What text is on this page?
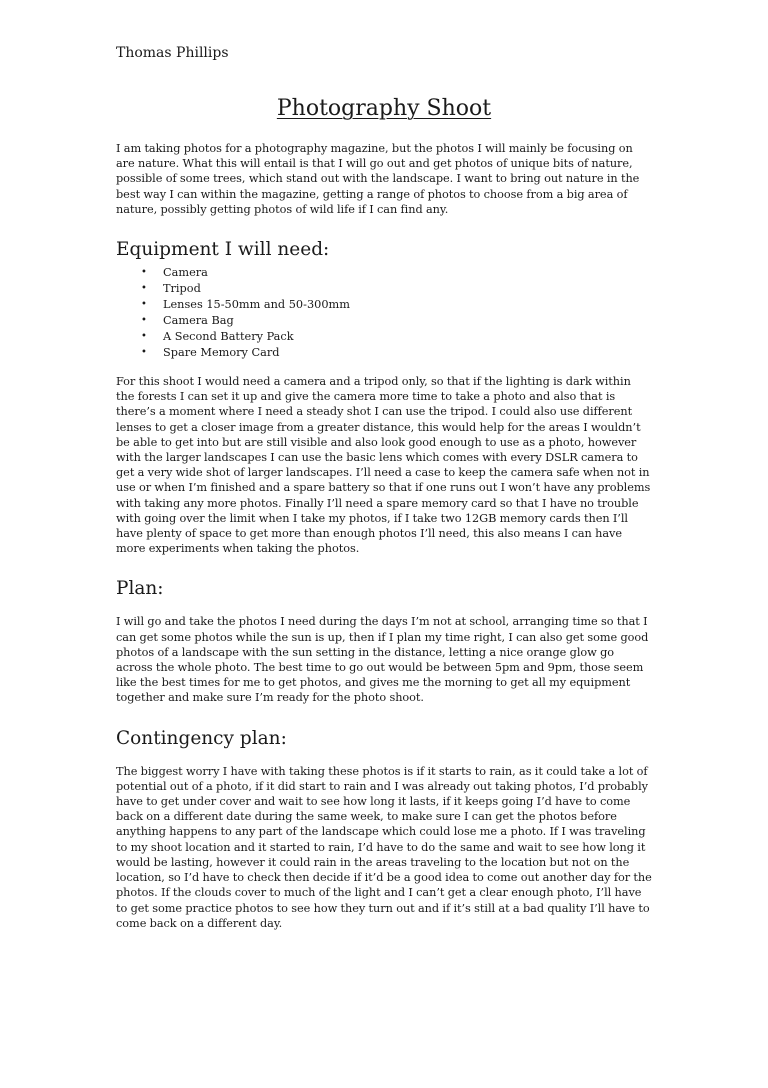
Thomas Phillips
Photography Shoot

I am taking photos for a photography magazine, but the photos I will mainly be focusing on are nature. What this will entail is that I will go out and get photos of unique bits of nature, possible of some trees, which stand out with the landscape. I want to bring out nature in the best way I can within the magazine, getting a range of photos to choose from a big area of nature, possibly getting photos of wild life if I can find any.

Equipment I will need:
• Camera
• Tripod
• Lenses 15-50mm and 50-300mm
• Camera Bag
• A Second Battery Pack
• Spare Memory Card

For this shoot I would need a camera and a tripod only, so that if the lighting is dark within the forests I can set it up and give the camera more time to take a photo and also that is there’s a moment where I need a steady shot I can use the tripod. I could also use different lenses to get a closer image from a greater distance, this would help for the areas I wouldn’t be able to get into but are still visible and also look good enough to use as a photo, however with the larger landscapes I can use the basic lens which comes with every DSLR camera to get a very wide shot of larger landscapes. I’ll need a case to keep the camera safe when not in use or when I’m finished and a spare battery so that if one runs out I won’t have any problems with taking any more photos. Finally I’ll need a spare memory card so that I have no trouble with going over the limit when I take my photos, if I take two 12GB memory cards then I’ll have plenty of space to get more than enough photos I’ll need, this also means I can have more experiments when taking the photos.

Plan:

I will go and take the photos I need during the days I’m not at school, arranging time so that I can get some photos while the sun is up, then if I plan my time right, I can also get some good photos of a landscape with the sun setting in the distance, letting a nice orange glow go across the whole photo. The best time to go out would be between 5pm and 9pm, those seem like the best times for me to get photos, and gives me the morning to get all my equipment together and make sure I’m ready for the photo shoot.

Contingency plan:

The biggest worry I have with taking these photos is if it starts to rain, as it could take a lot of potential out of a photo, if it did start to rain and I was already out taking photos, I’d probably have to get under cover and wait to see how long it lasts, if it keeps going I’d have to come back on a different date during the same week, to make sure I can get the photos before anything happens to any part of the landscape which could lose me a photo. If I was traveling to my shoot location and it started to rain, I’d have to do the same and wait to see how long it would be lasting, however it could rain in the areas traveling to the location but not on the location, so I’d have to check then decide if it’d be a good idea to come out another day for the photos. If the clouds cover to much of the light and I can’t get a clear enough photo, I’ll have to get some practice photos to see how they turn out and if it’s still at a bad quality I’ll have to come back on a different day.
